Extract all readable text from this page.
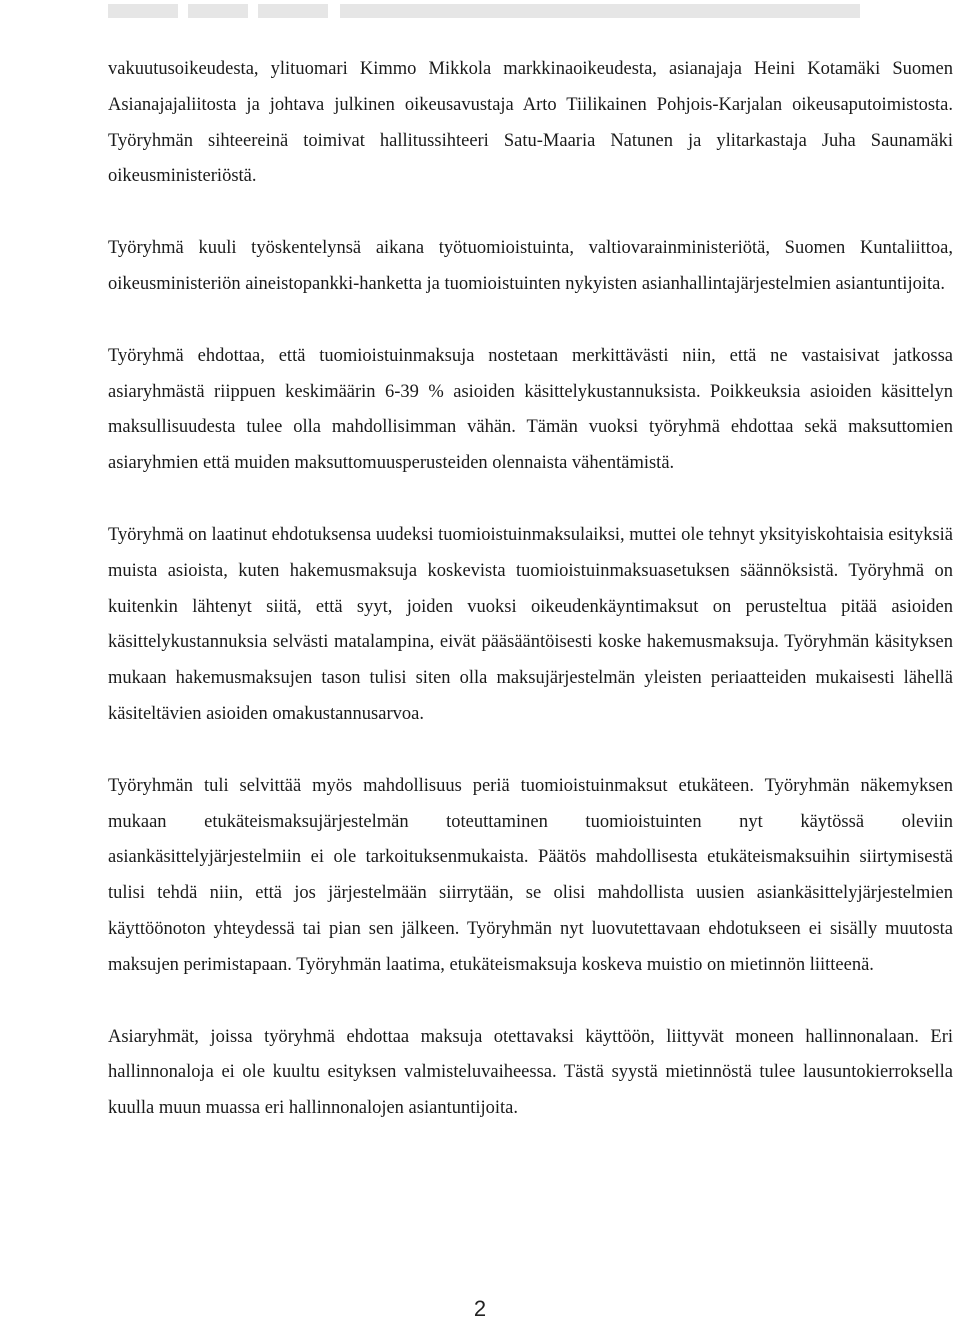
vakuutusoikeudesta, ylituomari Kimmo Mikkola markkinaoikeudesta, asianajaja Heini Kotamäki Suomen Asianajajaliitosta ja johtava julkinen oikeusavustaja Arto Tiilikainen Pohjois-Karjalan oikeusaputoimistosta. Työryhmän sihteereinä toimivat hallitussihteeri Satu-Maaria Natunen ja ylitarkastaja Juha Saunamäki oikeusministeriöstä.

Työryhmä kuuli työskentelynsä aikana työtuomioistuinta, valtiovarainministeriötä, Suomen Kuntaliittoa, oikeusministeriön aineistopankki-hanketta ja tuomioistuinten nykyisten asianhallintajärjestelmien asiantuntijoita.

Työryhmä ehdottaa, että tuomioistuinmaksuja nostetaan merkittävästi niin, että ne vastaisivat jatkossa asiaryhmästä riippuen keskimäärin 6-39 % asioiden käsittelykustannuksista. Poikkeuksia asioiden käsittelyn maksullisuudesta tulee olla mahdollisimman vähän. Tämän vuoksi työryhmä ehdottaa sekä maksuttomien asiaryhmien että muiden maksuttomuusperusteiden olennaista vähentämistä.

Työryhmä on laatinut ehdotuksensa uudeksi tuomioistuinmaksulaiksi, muttei ole tehnyt yksityiskohtaisia esityksiä muista asioista, kuten hakemusmaksuja koskevista tuomioistuinmaksuasetuksen säännöksistä. Työryhmä on kuitenkin lähtenyt siitä, että syyt, joiden vuoksi oikeudenkäyntimaksut on perusteltua pitää asioiden käsittelykustannuksia selvästi matalampina, eivät pääsääntöisesti koske hakemusmaksuja. Työryhmän käsityksen mukaan hakemusmaksujen tason tulisi siten olla maksujärjestelmän yleisten periaatteiden mukaisesti lähellä käsiteltävien asioiden omakustannusarvoa.

Työryhmän tuli selvittää myös mahdollisuus periä tuomioistuinmaksut etukäteen. Työryhmän näkemyksen mukaan etukäteismaksujärjestelmän toteuttaminen tuomioistuinten nyt käytössä oleviin asiankäsittelyjärjestelmiin ei ole tarkoituksenmukaista. Päätös mahdollisesta etukäteismaksuihin siirtymisestä tulisi tehdä niin, että jos järjestelmään siirrytään, se olisi mahdollista uusien asiankäsittelyjärjestelmien käyttöönoton yhteydessä tai pian sen jälkeen. Työryhmän nyt luovutettavaan ehdotukseen ei sisälly muutosta maksujen perimistapaan. Työryhmän laatima, etukäteismaksuja koskeva muistio on mietinnön liitteenä.

Asiaryhmät, joissa työryhmä ehdottaa maksuja otettavaksi käyttöön, liittyvät moneen hallinnonalaan. Eri hallinnonaloja ei ole kuultu esityksen valmisteluvaiheessa. Tästä syystä mietinnöstä tulee lausuntokierroksella kuulla muun muassa eri hallinnonalojen asiantuntijoita.

2
